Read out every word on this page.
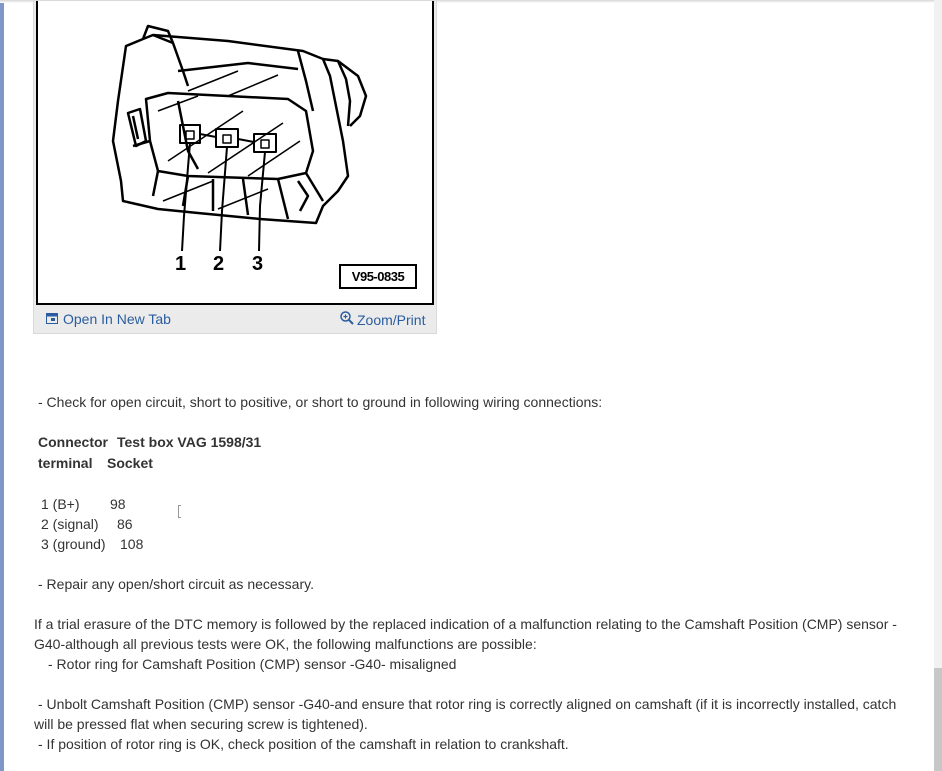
1 2 3
V95-0835
Open In New Tab	Zoom/Print
- Check for open circuit, short to positive, or short to ground in following wiring connections:
Connector Test box VAG 1598/31
terminal Socket
1 (B+) 98
2 (signal) 86
3 (ground) 108
- Repair any open/short circuit as necessary.
If a trial erasure of the DTC memory is followed by the replaced indication of a malfunction relating to the Camshaft Position (CMP) sensor -
G40-although all previous tests were OK, the following malfunctions are possible:
- Rotor ring for Camshaft Position (CMP) sensor -G40- misaligned
- Unbolt Camshaft Position (CMP) sensor -G40-and ensure that rotor ring is correctly aligned on camshaft (if it is incorrectly installed, catch
will be pressed flat when securing screw is tightened).
- If position of rotor ring is OK, check position of the camshaft in relation to crankshaft.
